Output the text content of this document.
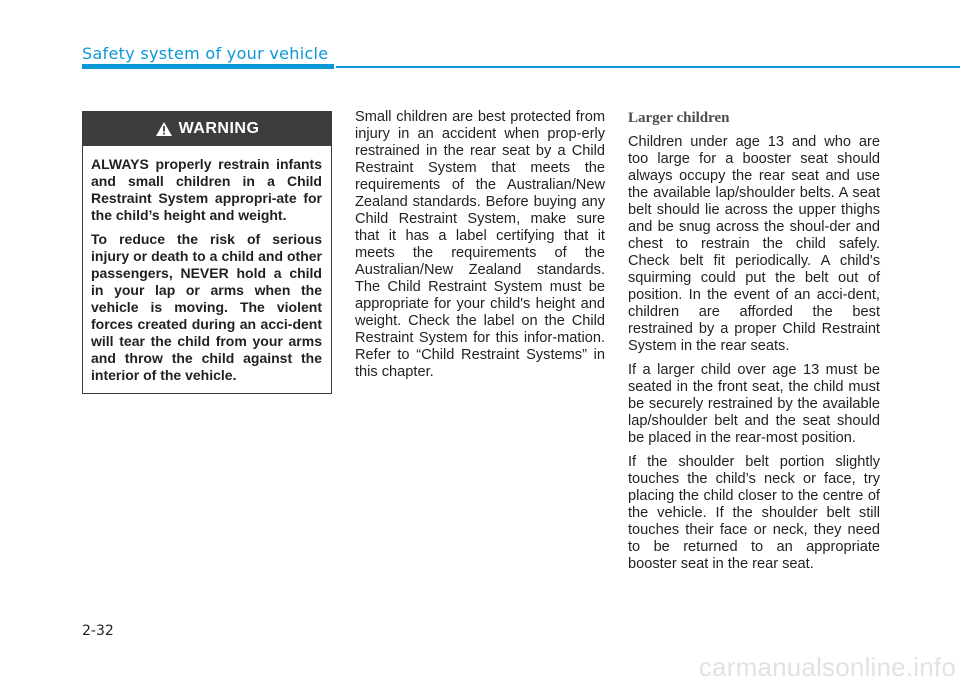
Safety system of your vehicle
WARNING

ALWAYS properly restrain infants and small children in a Child Restraint System appropri-ate for the child’s height and weight.

To reduce the risk of serious injury or death to a child and other passengers, NEVER hold a child in your lap or arms when the vehicle is moving. The violent forces created during an acci-dent will tear the child from your arms and throw the child against the interior of the vehicle.

Small children are best protected from injury in an accident when prop-erly restrained in the rear seat by a Child Restraint System that meets the requirements of the Australian/New Zealand standards. Before buying any Child Restraint System, make sure that it has a label certifying that it meets the requirements of the Australian/New Zealand standards. The Child Restraint System must be appropriate for your child's height and weight. Check the label on the Child Restraint System for this infor-mation. Refer to “Child Restraint Systems” in this chapter.

Larger children

Children under age 13 and who are too large for a booster seat should always occupy the rear seat and use the available lap/shoulder belts. A seat belt should lie across the upper thighs and be snug across the shoul-der and chest to restrain the child safely. Check belt fit periodically. A child's squirming could put the belt out of position. In the event of an acci-dent, children are afforded the best restrained by a proper Child Restraint System in the rear seats.

If a larger child over age 13 must be seated in the front seat, the child must be securely restrained by the available lap/shoulder belt and the seat should be placed in the rear-most position.

If the shoulder belt portion slightly touches the child’s neck or face, try placing the child closer to the centre of the vehicle. If the shoulder belt still touches their face or neck, they need to be returned to an appropriate booster seat in the rear seat.

2-32
carmanualsonline.info
